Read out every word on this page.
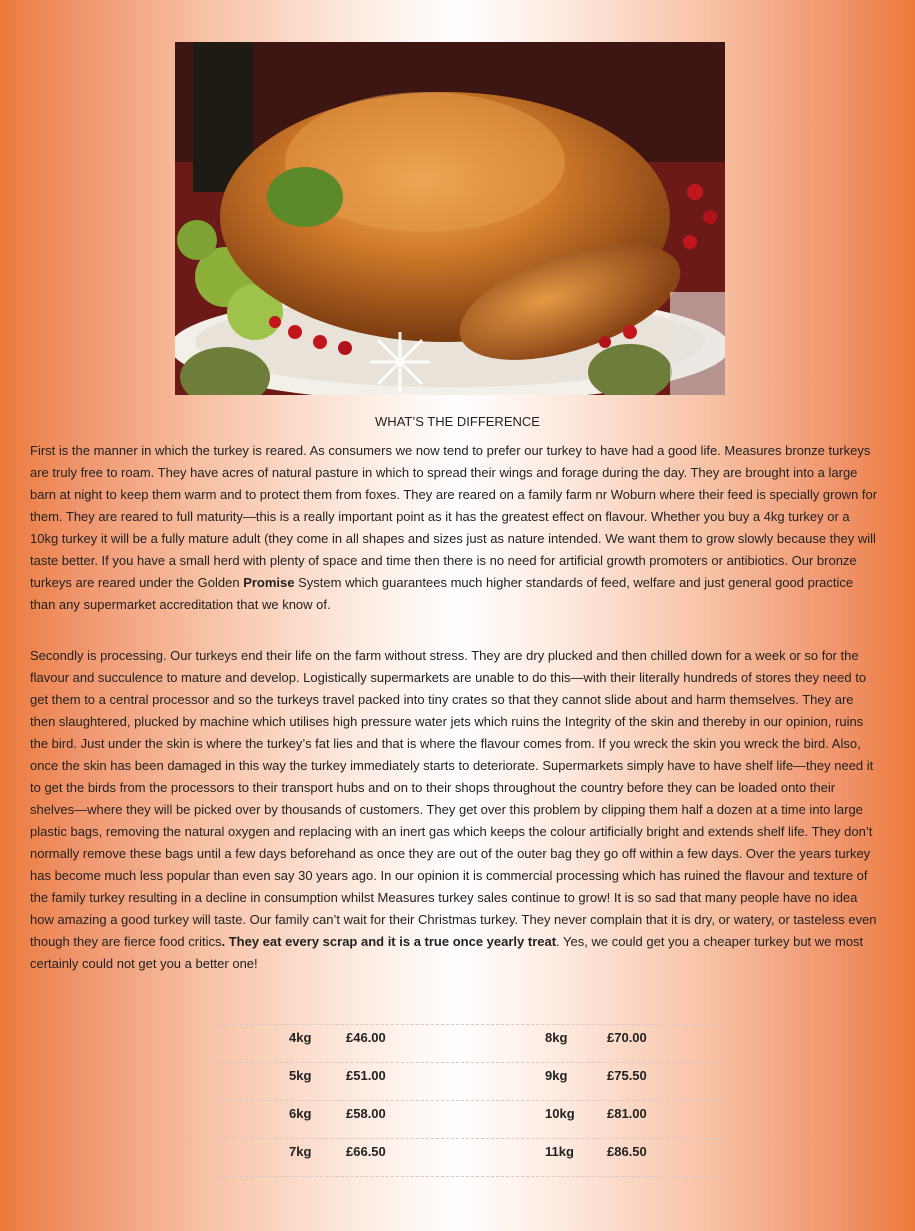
WHAT’S THE DIFFERENCE
First is the manner in which the turkey is reared. As consumers we now tend to prefer our turkey to have had a good life. Measures bronze turkeys are truly free to roam. They have acres of natural pasture in which to spread their wings and forage during the day. They are brought into a large barn at night to keep them warm and to protect them from foxes. They are reared on a family farm nr Woburn where their feed is specially grown for them. They are reared to full maturity—this is a really important point as it has the greatest effect on flavour. Whether you buy a 4kg turkey or a 10kg turkey it will be a fully mature adult (they come in all shapes and sizes just as nature intended. We want them to grow slowly because they will taste better. If you have a small herd with plenty of space and time then there is no need for artificial growth promoters or antibiotics. Our bronze turkeys are reared under the Golden Promise System which guarantees much higher standards of feed, welfare and just general good practice than any supermarket accreditation that we know of.
Secondly is processing. Our turkeys end their life on the farm without stress. They are dry plucked and then chilled down for a week or so for the flavour and succulence to mature and develop. Logistically supermarkets are unable to do this—with their literally hundreds of stores they need to get them to a central processor and so the turkeys travel packed into tiny crates so that they cannot slide about and harm themselves. They are then slaughtered, plucked by machine which utilises high pressure water jets which ruins the Integrity of the skin and thereby in our opinion, ruins the bird. Just under the skin is where the turkey’s fat lies and that is where the flavour comes from. If you wreck the skin you wreck the bird. Also, once the skin has been damaged in this way the turkey immediately starts to deteriorate. Supermarkets simply have to have shelf life—they need it to get the birds from the processors to their transport hubs and on to their shops throughout the country before they can be loaded onto their shelves—where they will be picked over by thousands of customers. They get over this problem by clipping them half a dozen at a time into large plastic bags, removing the natural oxygen and replacing with an inert gas which keeps the colour artificially bright and extends shelf life. They don’t normally remove these bags until a few days beforehand as once they are out of the outer bag they go off within a few days. Over the years turkey has become much less popular than even say 30 years ago. In our opinion it is commercial processing which has ruined the flavour and texture of the family turkey resulting in a decline in consumption whilst Measures turkey sales continue to grow! It is so sad that many people have no idea how amazing a good turkey will taste. Our family can’t wait for their Christmas turkey. They never complain that it is dry, or watery, or tasteless even though they are fierce food critics. They eat every scrap and it is a true once yearly treat. Yes, we could get you a cheaper turkey but we most certainly could not get you a better one!
4kg	£46.00	8kg	£70.00
5kg	£51.00	9kg	£75.50
6kg	£58.00	10kg £81.00
7kg	£66.50	11kg	£86.50
